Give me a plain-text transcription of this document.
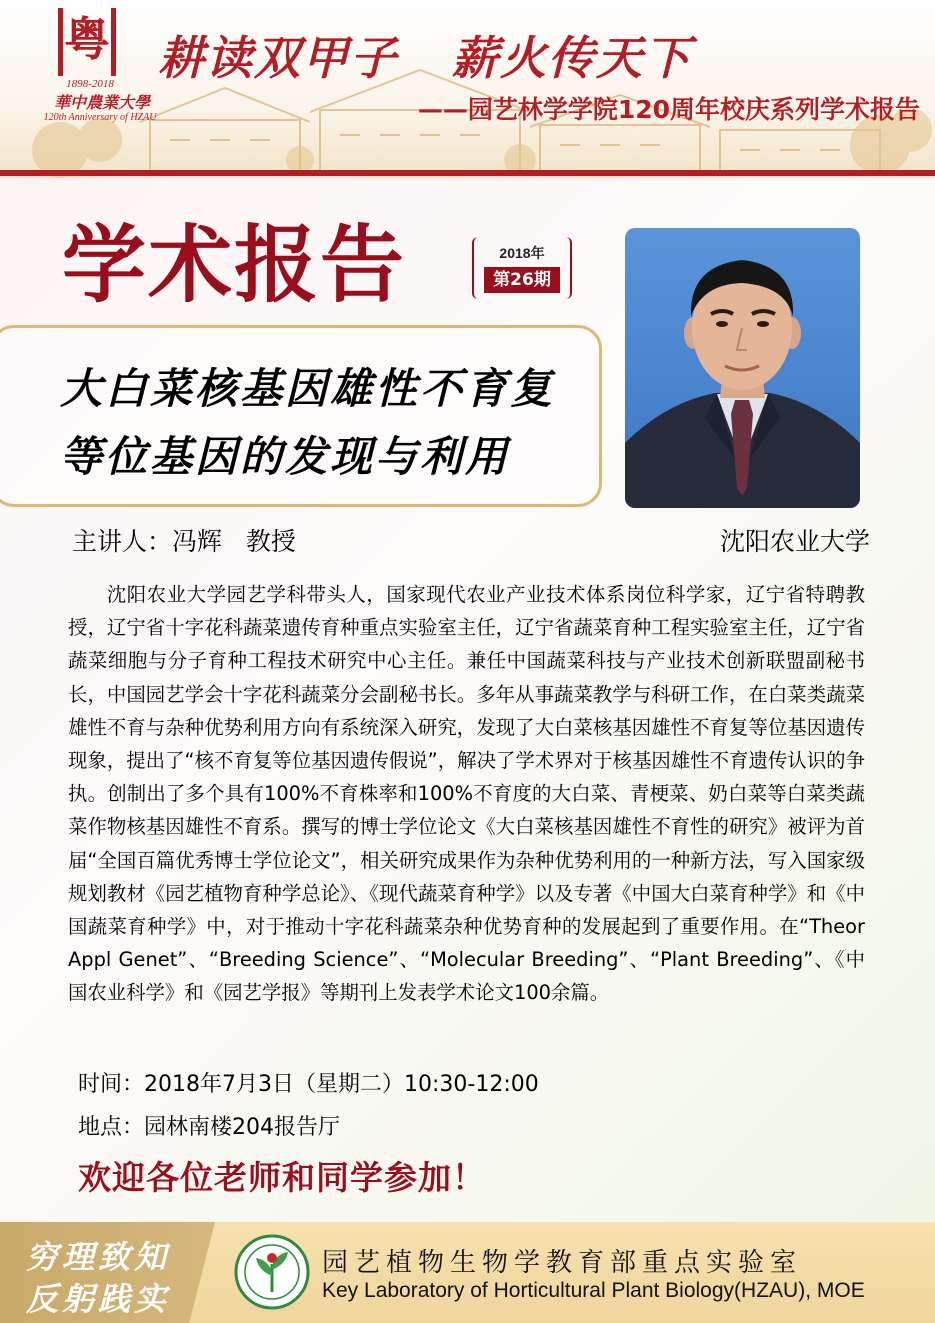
粤
1898-2018
華中農業大學
120th Anniversary of HZAU
耕读双甲子   薪火传天下
——园艺林学学院120周年校庆系列学术报告
学术报告	2018年
第26期
大白菜核基因雄性不育复
等位基因的发现与利用
主讲人：冯辉   教授	沈阳农业大学

沈阳农业大学园艺学科带头人，国家现代农业产业技术体系岗位科学家，辽宁省特聘教授，辽宁省十字花科蔬菜遗传育种重点实验室主任，辽宁省蔬菜育种工程实验室主任，辽宁省蔬菜细胞与分子育种工程技术研究中心主任。兼任中国蔬菜科技与产业技术创新联盟副秘书长，中国园艺学会十字花科蔬菜分会副秘书长。多年从事蔬菜教学与科研工作，在白菜类蔬菜雄性不育与杂种优势利用方向有系统深入研究，发现了大白菜核基因雄性不育复等位基因遗传现象，提出了“核不育复等位基因遗传假说”，解决了学术界对于核基因雄性不育遗传认识的争执。创制出了多个具有100%不育株率和100%不育度的大白菜、青梗菜、奶白菜等白菜类蔬菜作物核基因雄性不育系。撰写的博士学位论文《大白菜核基因雄性不育性的研究》被评为首届“全国百篇优秀博士学位论文”，相关研究成果作为杂种优势利用的一种新方法，写入国家级规划教材《园艺植物育种学总论》、《现代蔬菜育种学》以及专著《中国大白菜育种学》和《中国蔬菜育种学》中，对于推动十字花科蔬菜杂种优势育种的发展起到了重要作用。在“Theor Appl Genet”、“Breeding Science”、“Molecular Breeding”、“Plant Breeding”、《中国农业科学》和《园艺学报》等期刊上发表学术论文100余篇。

时间：2018年7月3日（星期二）10:30-12:00
地点：园林南楼204报告厅
欢迎各位老师和同学参加！
穷理致知
反躬践实
园艺植物生物学教育部重点实验室
Key Laboratory of Horticultural Plant Biology(HZAU), MOE
